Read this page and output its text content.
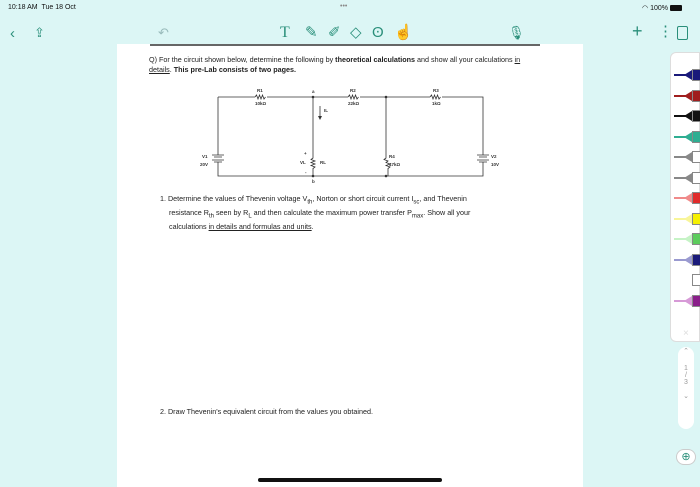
10:18 AM Tue 18 Oct	•••	◠ 100%
‹ ⇪	↶	T ✎ ✐ ◇ ʘ ☝	🎙	+ ⋮
Q) For the circuit shown below, determine the following by theoretical calculations and show all your calculations in details. This pre-Lab consists of two pages.
R1
10kΩ
R2
22kΩ
R3
1kΩ
R4
47kΩ
V1
20V
V2
10V
a
b
IL
VL	RL
+
-
1. Determine the values of Thevenin voltage $V_{th}$, Norton or short circuit current $I_{sc}$, and Thevenin
resistance $R_{th}$ seen by $R_L$ and then calculate the maximum power transfer $P_{max}$. Show all your
calculations in details and formulas and units.
2. Draw Thevenin's equivalent circuit from the values you obtained.
×
⌃
1
/
3
⌄
⊕
